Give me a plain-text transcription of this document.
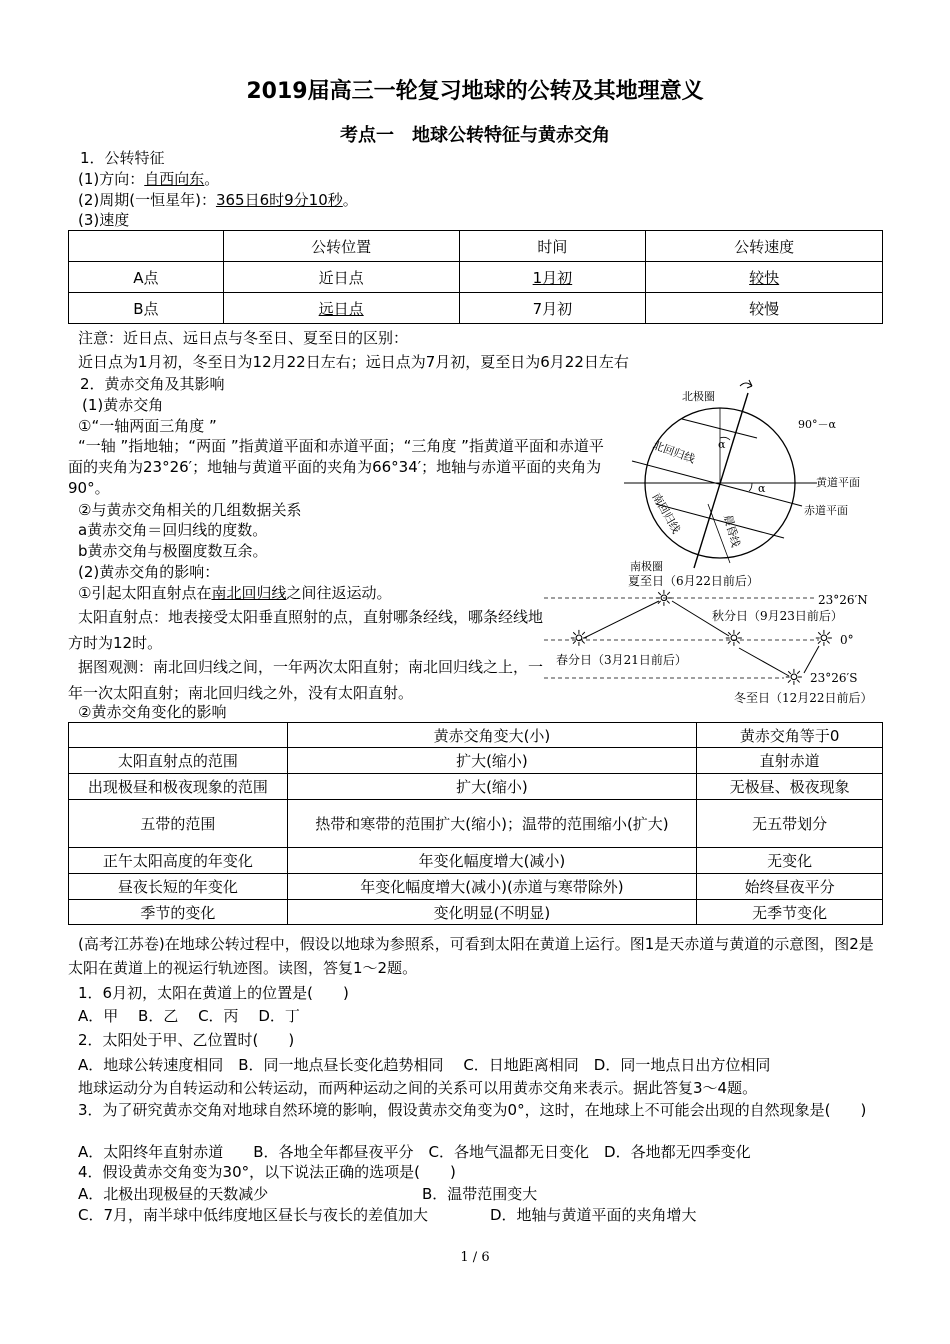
2019届高三一轮复习地球的公转及其地理意义
考点一　地球公转特征与黄赤交角
1．公转特征
(1)方向：自西向东。
(2)周期(一恒星年)：365日6时9分10秒。
(3)速度
	公转位置	时间	公转速度
A点	近日点	1月初	较快
B点	远日点	7月初	较慢
注意：近日点、远日点与冬至日、夏至日的区别：
近日点为1月初，冬至日为12月22日左右；远日点为7月初，夏至日为6月22日左右
2．黄赤交角及其影响
(1)黄赤交角
①“一轴两面三角度 ”
“一轴 ”指地轴；“两面 ”指黄道平面和赤道平面；“三角度 ”指黄道平面和赤道平面的夹角为23°26′；地轴与黄道平面的夹角为66°34′；地轴与赤道平面的夹角为90°。
②与黄赤交角相关的几组数据关系
a黄赤交角＝回归线的度数。
b黄赤交角与极圈度数互余。
(2)黄赤交角的影响：
①引起太阳直射点在南北回归线之间往返运动。
太阳直射点：地表接受太阳垂直照射的点，直射哪条经线，哪条经线地方时为12时。
据图观测：南北回归线之间，一年两次太阳直射；南北回归线之上，一年一次太阳直射；南北回归线之外，没有太阳直射。
②黄赤交角变化的影响
北极圈
南极圈
北回归线
南回归线
黄道平面
赤道平面
晨昏线
α
α
90°－α
☼
☼
☼
☼
☼
夏至日（6月22日前后）
秋分日（9月23日前后）
春分日（3月21日前后）
冬至日（12月22日前后）
23°26′N
0°
23°26′S
	黄赤交角变大(小)	黄赤交角等于0
太阳直射点的范围	扩大(缩小)	直射赤道
出现极昼和极夜现象的范围	扩大(缩小)	无极昼、极夜现象
五带的范围	热带和寒带的范围扩大(缩小)；温带的范围缩小(扩大)	无五带划分
正午太阳高度的年变化	年变化幅度增大(减小)	无变化
昼夜长短的年变化	年变化幅度增大(减小)(赤道与寒带除外)	始终昼夜平分
季节的变化	变化明显(不明显)	无季节变化
(高考江苏卷)在地球公转过程中，假设以地球为参照系，可看到太阳在黄道上运行。图1是天赤道与黄道的示意图，图2是太阳在黄道上的视运行轨迹图。读图，答复1～2题。
1．6月初，太阳在黄道上的位置是(　　)
A．甲　 B．乙　 C．丙　 D．丁
2．太阳处于甲、乙位置时(　　)
A．地球公转速度相同　B．同一地点昼长变化趋势相同　 C．日地距离相同　D．同一地点日出方位相同
地球运动分为自转运动和公转运动，而两种运动之间的关系可以用黄赤交角来表示。据此答复3～4题。
3．为了研究黄赤交角对地球自然环境的影响，假设黄赤交角变为0°，这时，在地球上不可能会出现的自然现象是(　　)
A．太阳终年直射赤道　　B．各地全年都昼夜平分　C．各地气温都无日变化　D．各地都无四季变化
4．假设黄赤交角变为30°，以下说法正确的选项是(　　)
A．北极出现极昼的天数减少	B．温带范围变大
C．7月，南半球中低纬度地区昼长与夜长的差值加大	D．地轴与黄道平面的夹角增大
1 / 6
